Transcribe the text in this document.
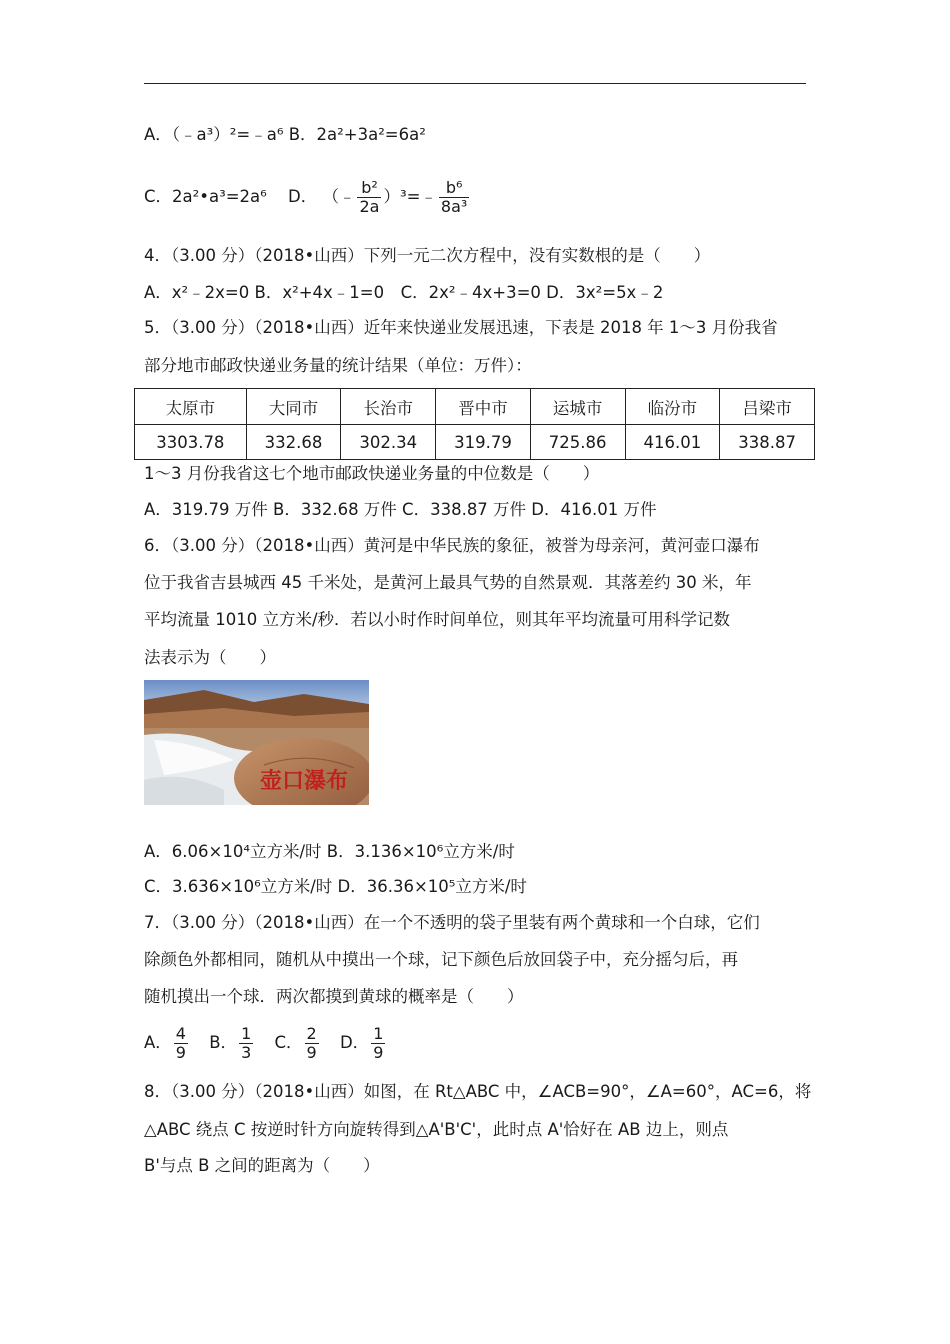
A．（﹣a³）²=﹣a⁶ B．2a²+3a²=6a²
C．2a²•a³=2a⁶ D． （﹣ $\frac{\text{b²}}{2a}$ ）³=﹣ $\frac{\text{b⁶}}{\text{8a³}}$
4．（3.00 分）（2018•山西）下列一元二次方程中，没有实数根的是（　　）
A．x²﹣2x=0 B．x²+4x﹣1=0　C．2x²﹣4x+3=0 D．3x²=5x﹣2
5．（3.00 分）（2018•山西）近年来快递业发展迅速，下表是 2018 年 1～3 月份我省
部分地市邮政快递业务量的统计结果（单位：万件）：
太原市	大同市	长治市	晋中市	运城市	临汾市	吕梁市
3303.78	332.68	302.34	319.79	725.86	416.01	338.87
1～3 月份我省这七个地市邮政快递业务量的中位数是（　　）
A．319.79 万件 B．332.68 万件 C．338.87 万件 D．416.01 万件
6．（3.00 分）（2018•山西）黄河是中华民族的象征，被誉为母亲河，黄河壶口瀑布
位于我省吉县城西 45 千米处，是黄河上最具气势的自然景观．其落差约 30 米，年
平均流量 1010 立方米/秒．若以小时作时间单位，则其年平均流量可用科学记数
法表示为（　　）
壶口瀑布
A．6.06×10⁴立方米/时 B．3.136×10⁶立方米/时
C．3.636×10⁶立方米/时 D．36.36×10⁵立方米/时
7．（3.00 分）（2018•山西）在一个不透明的袋子里装有两个黄球和一个白球，它们
除颜色外都相同，随机从中摸出一个球，记下颜色后放回袋子中，充分摇匀后，再
随机摸出一个球．两次都摸到黄球的概率是（　　）
A． $\frac{4}{9}$ B． $\frac{1}{3}$ C． $\frac{2}{9}$ D． $\frac{1}{9}$
8．（3.00 分）（2018•山西）如图，在 Rt△ABC 中，∠ACB=90°，∠A=60°，AC=6，将
△ABC 绕点 C 按逆时针方向旋转得到△A'B'C'，此时点 A'恰好在 AB 边上，则点
B'与点 B 之间的距离为（　　）
